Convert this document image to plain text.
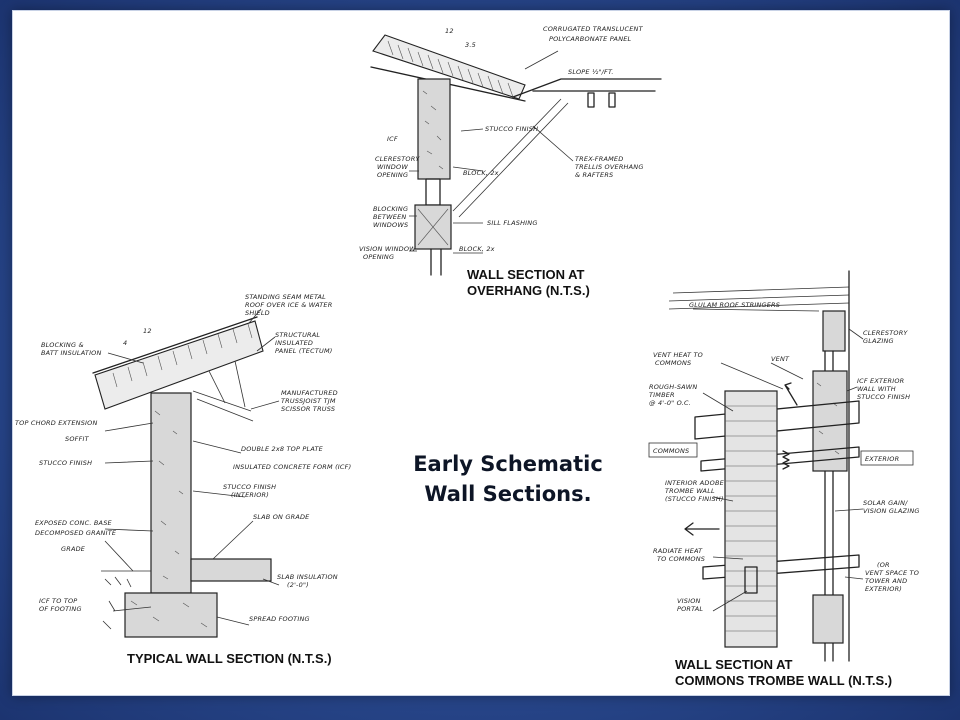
CORRUGATED TRANSLUCENT
POLYCARBONATE PANEL
SLOPE ½"/FT.
12
3.5
STUCCO FINISH
ICF
CLERESTORY
WINDOW
OPENING	BLOCK, 2x
TREX-FRAMED
TRELLIS OVERHANG
& RAFTERS
BLOCKING
BETWEEN
WINDOWS	SILL FLASHING
VISION WINDOW
OPENING
BLOCK, 2x
STANDING SEAM METAL
ROOF OVER ICE & WATER
SHIELD
BLOCKING &
BATT INSULATION
12
4
STRUCTURAL
INSULATED
PANEL (TECTUM)
MANUFACTURED
TRUSSJOIST TJM
SCISSOR TRUSS
TOP CHORD EXTENSION
SOFFIT
DOUBLE 2x8 TOP PLATE
INSULATED CONCRETE FORM (ICF)
STUCCO FINISH
STUCCO FINISH
(INTERIOR)
EXPOSED CONC. BASE
DECOMPOSED GRANITE
GRADE
SLAB ON GRADE
ICF TO TOP
OF FOOTING
SLAB INSULATION
(2'-0")
SPREAD FOOTING
GLULAM ROOF STRINGERS
CLERESTORY
GLAZING
VENT HEAT TO
COMMONS	VENT
ROUGH-SAWN
TIMBER
@ 4'-0" O.C.
ICF EXTERIOR
WALL WITH
STUCCO FINISH
COMMONS
EXTERIOR
INTERIOR ADOBE
TROMBE WALL
(STUCCO FINISH)	SOLAR GAIN/
VISION GLAZING
RADIATE HEAT
TO COMMONS
(OR
VENT SPACE TO
TOWER AND
EXTERIOR)
VISION
PORTAL

WALL SECTION AT
OVERHANG (N.T.S.)

TYPICAL WALL SECTION (N.T.S.)	WALL SECTION AT
COMMONS TROMBE WALL (N.T.S.)

Early Schematic
Wall Sections.
